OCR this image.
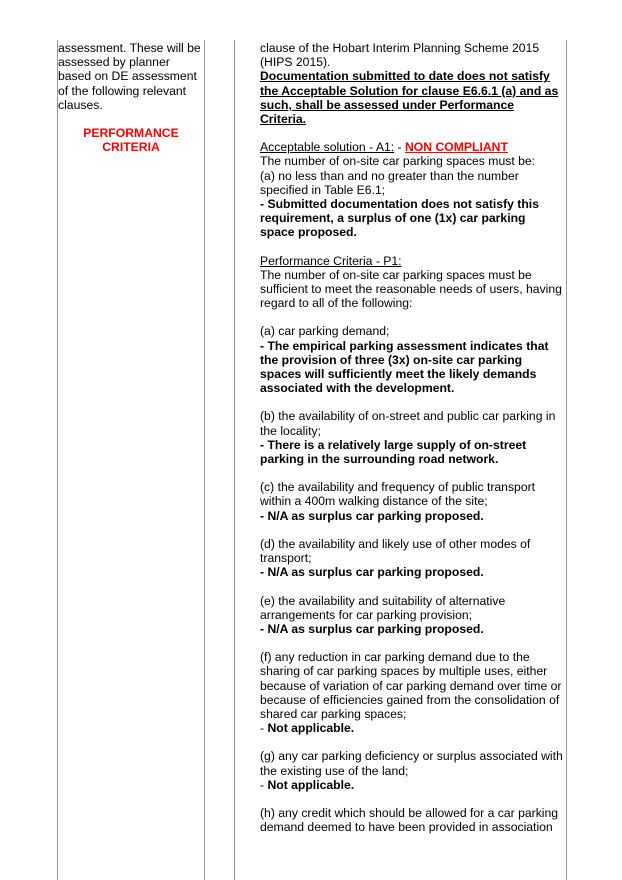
assessment. These will be

assessed by planner

based on DE assessment

of the following relevant

clauses.

PERFORMANCE

CRITERIA

clause of the Hobart Interim Planning Scheme 2015

(HIPS 2015).

Documentation submitted to date does not satisfy

the Acceptable Solution for clause E6.6.1 (a) and as

such, shall be assessed under Performance

Criteria.

Acceptable solution - A1: - NON COMPLIANT

The number of on-site car parking spaces must be:

(a) no less than and no greater than the number

specified in Table E6.1;

- Submitted documentation does not satisfy this

requirement, a surplus of one (1x) car parking

space proposed.

Performance Criteria - P1:

The number of on-site car parking spaces must be

sufficient to meet the reasonable needs of users, having

regard to all of the following:

(a) car parking demand;

- The empirical parking assessment indicates that

the provision of three (3x) on-site car parking

spaces will sufficiently meet the likely demands

associated with the development.

(b) the availability of on-street and public car parking in

the locality;

- There is a relatively large supply of on-street

parking in the surrounding road network.

(c) the availability and frequency of public transport

within a 400m walking distance of the site;

- N/A as surplus car parking proposed.

(d) the availability and likely use of other modes of

transport;

- N/A as surplus car parking proposed.

(e) the availability and suitability of alternative

arrangements for car parking provision;

- N/A as surplus car parking proposed.

(f) any reduction in car parking demand due to the

sharing of car parking spaces by multiple uses, either

because of variation of car parking demand over time or

because of efficiencies gained from the consolidation of

shared car parking spaces;

- Not applicable.

(g) any car parking deficiency or surplus associated with

the existing use of the land;

- Not applicable.

(h) any credit which should be allowed for a car parking

demand deemed to have been provided in association
